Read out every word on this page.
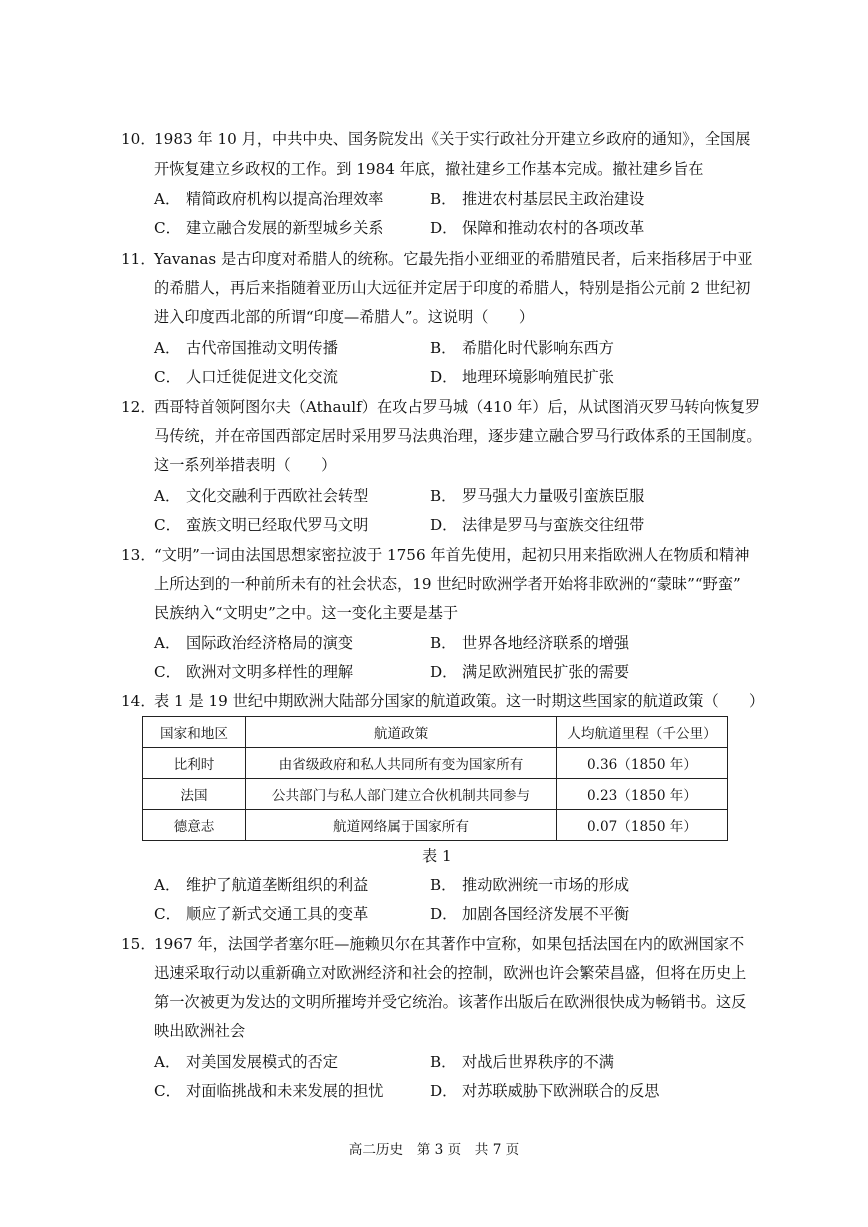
10．
1983 年 10 月，中共中央、国务院发出《关于实行政社分开建立乡政府的通知》，全国展
开恢复建立乡政权的工作。到 1984 年底，撤社建乡工作基本完成。撤社建乡旨在
A． 精简政府机构以提高治理效率	B． 推进农村基层民主政治建设
C． 建立融合发展的新型城乡关系	D． 保障和推动农村的各项改革
11．
Yavanas 是古印度对希腊人的统称。它最先指小亚细亚的希腊殖民者，后来指移居于中亚
的希腊人，再后来指随着亚历山大远征并定居于印度的希腊人，特别是指公元前 2 世纪初
进入印度西北部的所谓“印度—希腊人”。这说明（　　）
A． 古代帝国推动文明传播	B． 希腊化时代影响东西方
C． 人口迁徙促进文化交流	D． 地理环境影响殖民扩张
12．
西哥特首领阿图尔夫（Athaulf）在攻占罗马城（410 年）后，从试图消灭罗马转向恢复罗
马传统，并在帝国西部定居时采用罗马法典治理，逐步建立融合罗马行政体系的王国制度。
这一系列举措表明（　　）
A． 文化交融利于西欧社会转型	B． 罗马强大力量吸引蛮族臣服
C． 蛮族文明已经取代罗马文明	D． 法律是罗马与蛮族交往纽带
13．
“文明”一词由法国思想家密拉波于 1756 年首先使用，起初只用来指欧洲人在物质和精神
上所达到的一种前所未有的社会状态，19 世纪时欧洲学者开始将非欧洲的“蒙昧”“野蛮”
民族纳入“文明史”之中。这一变化主要是基于
A． 国际政治经济格局的演变	B． 世界各地经济联系的增强
C． 欧洲对文明多样性的理解	D． 满足欧洲殖民扩张的需要
14．
表 1 是 19 世纪中期欧洲大陆部分国家的航道政策。这一时期这些国家的航道政策（　　）
国家和地区	航道政策	人均航道里程（千公里）
比利时	由省级政府和私人共同所有变为国家所有	0.36（1850 年）
法国	公共部门与私人部门建立合伙机制共同参与	0.23（1850 年）
德意志	航道网络属于国家所有	0.07（1850 年）
表 1
A． 维护了航道垄断组织的利益	B． 推动欧洲统一市场的形成
C． 顺应了新式交通工具的变革	D． 加剧各国经济发展不平衡
15．
1967 年，法国学者塞尔旺—施赖贝尔在其著作中宣称，如果包括法国在内的欧洲国家不
迅速采取行动以重新确立对欧洲经济和社会的控制，欧洲也许会繁荣昌盛，但将在历史上
第一次被更为发达的文明所摧垮并受它统治。该著作出版后在欧洲很快成为畅销书。这反
映出欧洲社会
A． 对美国发展模式的否定	B． 对战后世界秩序的不满
C． 对面临挑战和未来发展的担忧	D． 对苏联威胁下欧洲联合的反思
高二历史　第 3 页　共 7 页
